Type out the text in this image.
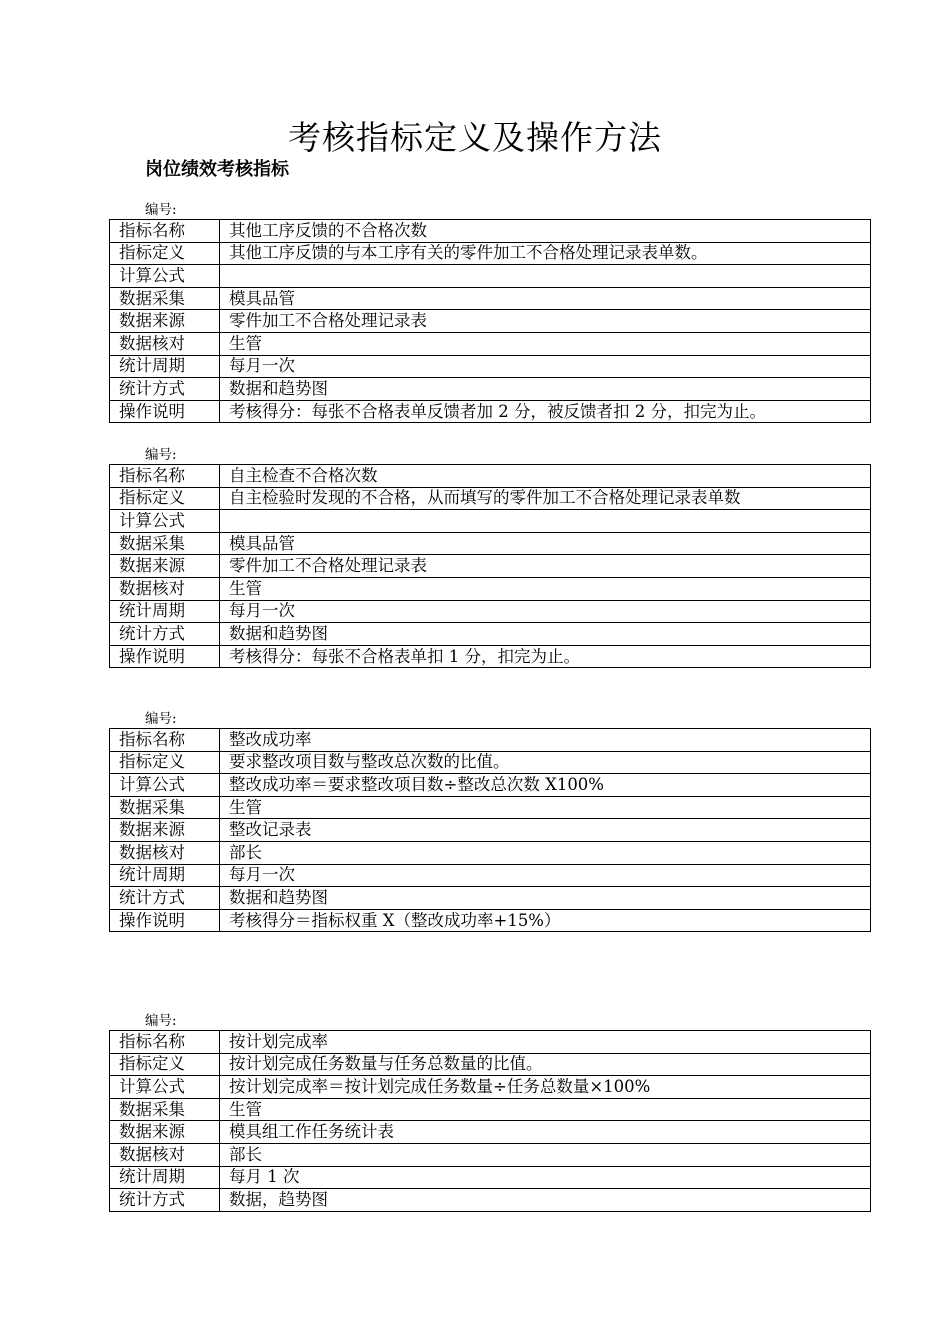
考核指标定义及操作方法
岗位绩效考核指标
编号:
指标名称	其他工序反馈的不合格次数
指标定义	其他工序反馈的与本工序有关的零件加工不合格处理记录表单数。
计算公式	
数据采集	模具品管
数据来源	零件加工不合格处理记录表
数据核对	生管
统计周期	每月一次
统计方式	数据和趋势图
操作说明	考核得分：每张不合格表单反馈者加 2 分，被反馈者扣 2 分，扣完为止。
编号:
指标名称	自主检查不合格次数
指标定义	自主检验时发现的不合格，从而填写的零件加工不合格处理记录表单数
计算公式	
数据采集	模具品管
数据来源	零件加工不合格处理记录表
数据核对	生管
统计周期	每月一次
统计方式	数据和趋势图
操作说明	考核得分：每张不合格表单扣 1 分，扣完为止。
编号:
指标名称	整改成功率
指标定义	要求整改项目数与整改总次数的比值。
计算公式	整改成功率＝要求整改项目数÷整改总次数 X100%
数据采集	生管
数据来源	整改记录表
数据核对	部长
统计周期	每月一次
统计方式	数据和趋势图
操作说明	考核得分＝指标权重 X（整改成功率+15%）
编号:
指标名称	按计划完成率
指标定义	按计划完成任务数量与任务总数量的比值。
计算公式	按计划完成率＝按计划完成任务数量÷任务总数量×100%
数据采集	生管
数据来源	模具组工作任务统计表
数据核对	部长
统计周期	每月 1 次
统计方式	数据，趋势图
